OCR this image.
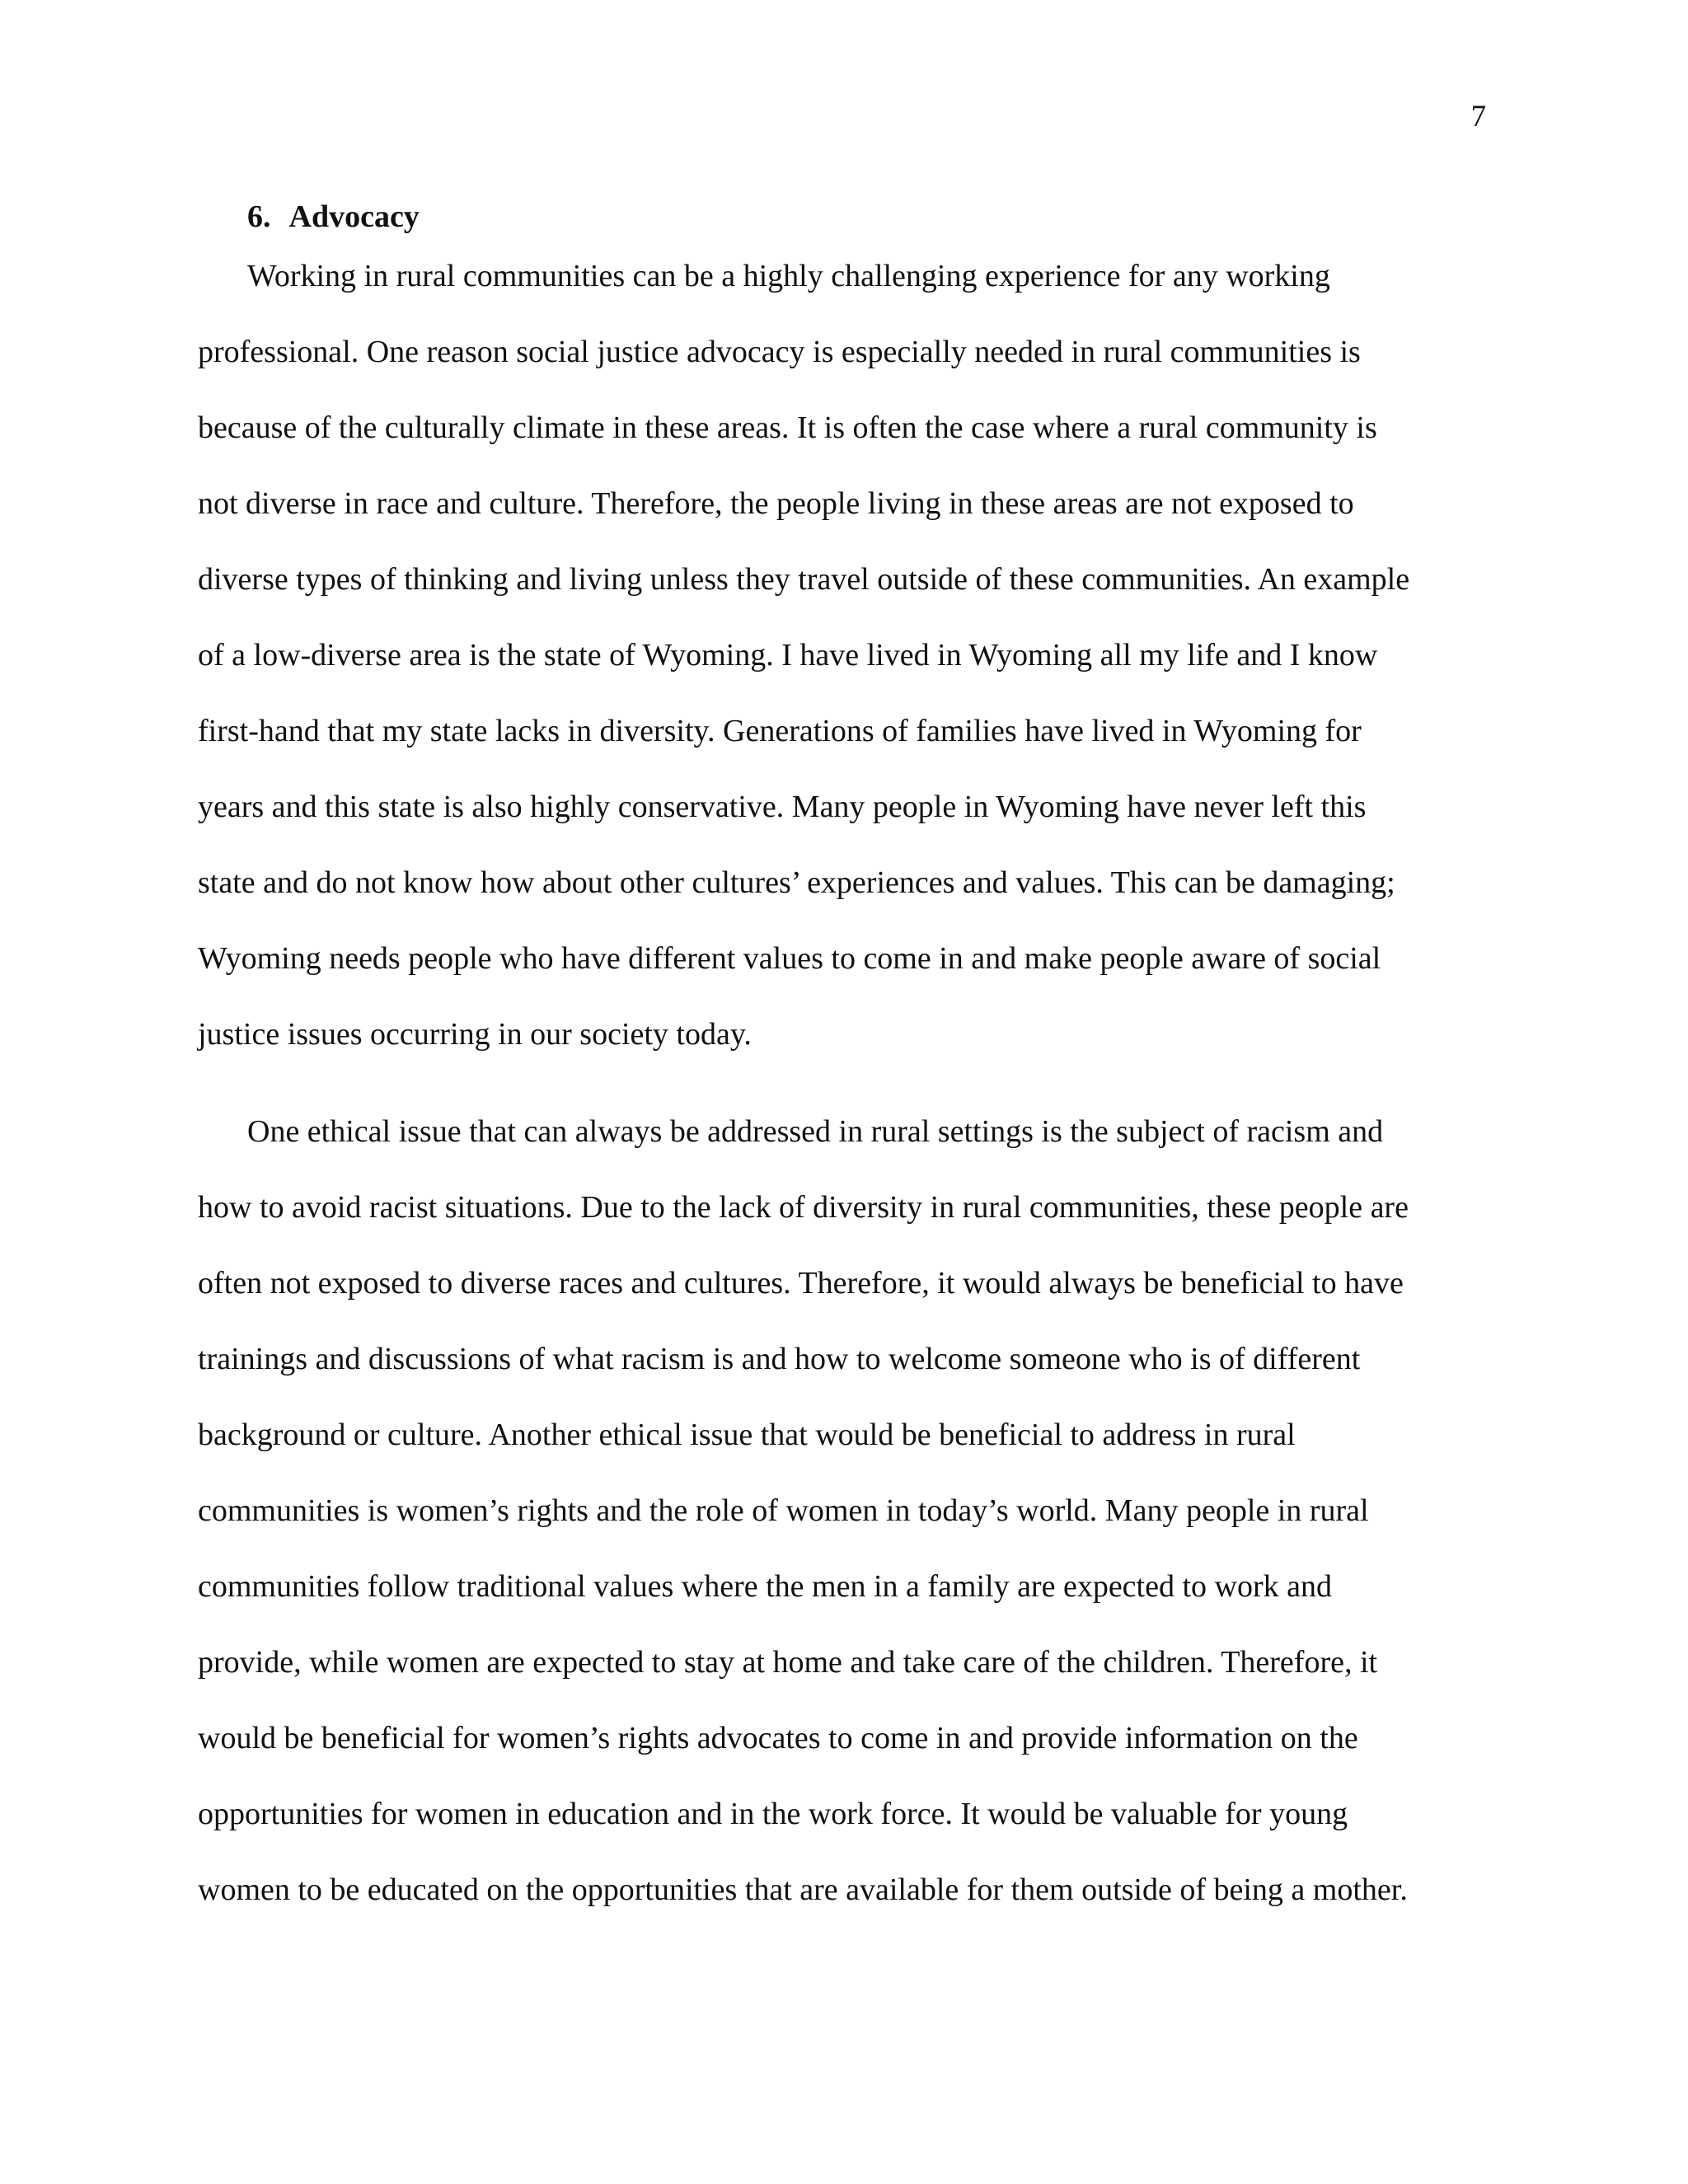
7
6. Advocacy
Working in rural communities can be a highly challenging experience for any working
professional. One reason social justice advocacy is especially needed in rural communities is
because of the culturally climate in these areas. It is often the case where a rural community is
not diverse in race and culture. Therefore, the people living in these areas are not exposed to
diverse types of thinking and living unless they travel outside of these communities. An example
of a low-diverse area is the state of Wyoming. I have lived in Wyoming all my life and I know
first-hand that my state lacks in diversity. Generations of families have lived in Wyoming for
years and this state is also highly conservative. Many people in Wyoming have never left this
state and do not know how about other cultures’ experiences and values. This can be damaging;
Wyoming needs people who have different values to come in and make people aware of social
justice issues occurring in our society today.
One ethical issue that can always be addressed in rural settings is the subject of racism and
how to avoid racist situations. Due to the lack of diversity in rural communities, these people are
often not exposed to diverse races and cultures. Therefore, it would always be beneficial to have
trainings and discussions of what racism is and how to welcome someone who is of different
background or culture. Another ethical issue that would be beneficial to address in rural
communities is women’s rights and the role of women in today’s world. Many people in rural
communities follow traditional values where the men in a family are expected to work and
provide, while women are expected to stay at home and take care of the children. Therefore, it
would be beneficial for women’s rights advocates to come in and provide information on the
opportunities for women in education and in the work force. It would be valuable for young
women to be educated on the opportunities that are available for them outside of being a mother.
